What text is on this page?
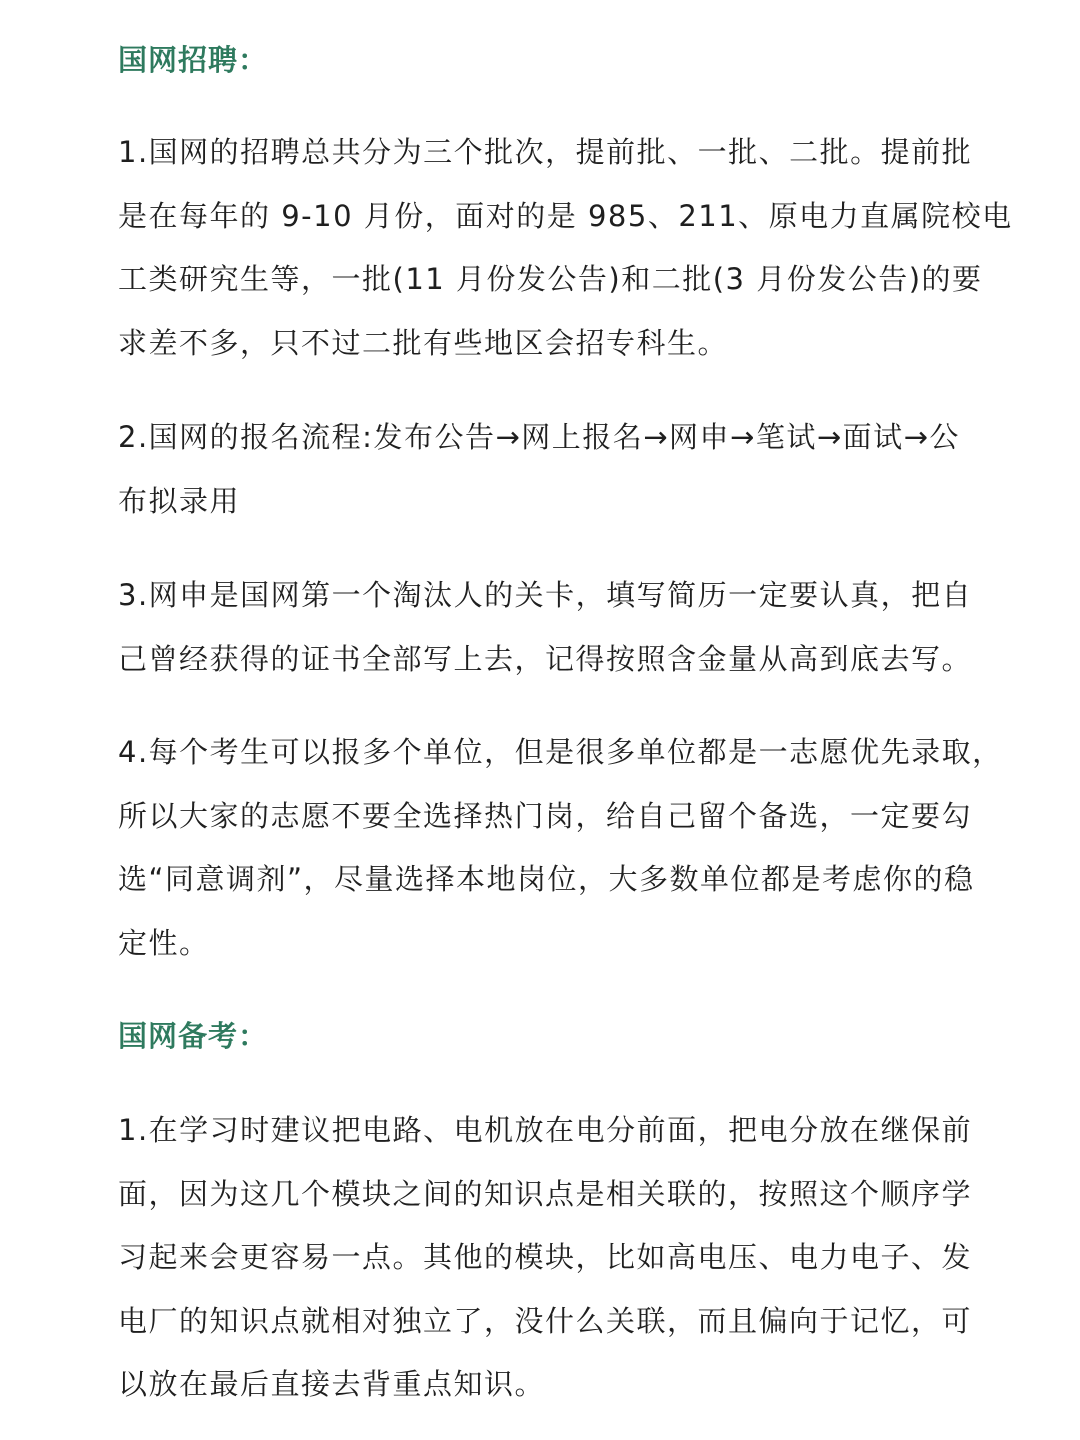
国网招聘：

1.国网的招聘总共分为三个批次，提前批、一批、二批。提前批
是在每年的 9-10 月份，面对的是 985、211、原电力直属院校电
工类研究生等，一批(11 月份发公告)和二批(3 月份发公告)的要
求差不多，只不过二批有些地区会招专科生。

2.国网的报名流程:发布公告→网上报名→网申→笔试→面试→公
布拟录用

3.网申是国网第一个淘汰人的关卡，填写简历一定要认真，把自
己曾经获得的证书全部写上去，记得按照含金量从高到底去写。

4.每个考生可以报多个单位，但是很多单位都是一志愿优先录取，
所以大家的志愿不要全选择热门岗，给自己留个备选，一定要勾
选“同意调剂”，尽量选择本地岗位，大多数单位都是考虑你的稳
定性。

国网备考：

1.在学习时建议把电路、电机放在电分前面，把电分放在继保前
面，因为这几个模块之间的知识点是相关联的，按照这个顺序学
习起来会更容易一点。其他的模块，比如高电压、电力电子、发
电厂的知识点就相对独立了，没什么关联，而且偏向于记忆，可
以放在最后直接去背重点知识。
